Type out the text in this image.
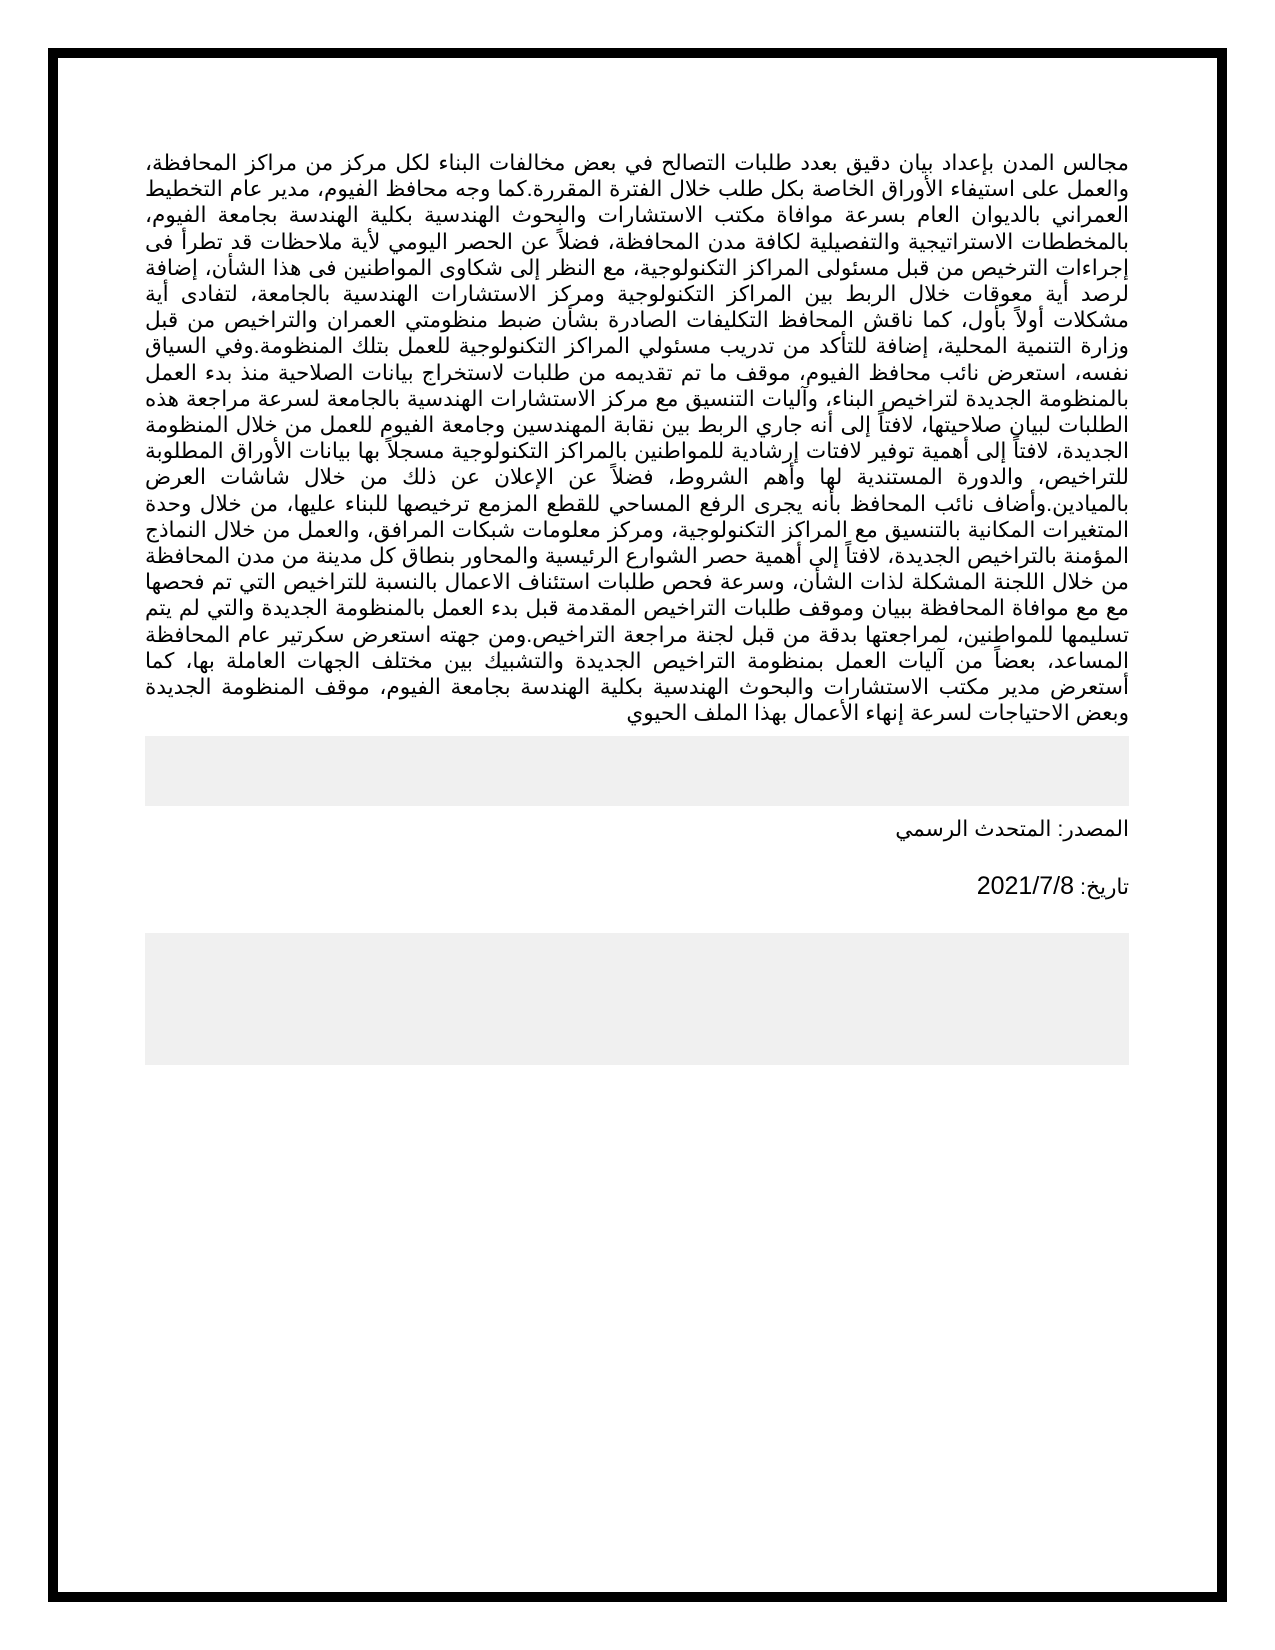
مجالس المدن بإعداد بيان دقيق بعدد طلبات التصالح في بعض مخالفات البناء لكل مركز من مراكز المحافظة، والعمل على استيفاء الأوراق الخاصة بكل طلب خلال الفترة المقررة.كما وجه محافظ الفيوم، مدير عام التخطيط العمراني بالديوان العام بسرعة موافاة مكتب الاستشارات والبحوث الهندسية بكلية الهندسة بجامعة الفيوم، بالمخططات الاستراتيجية والتفصيلية لكافة مدن المحافظة، فضلاً عن الحصر اليومي لأية ملاحظات قد تطرأ فى إجراءات الترخيص من قبل مسئولى المراكز التكنولوجية، مع النظر إلى شكاوى المواطنين فى هذا الشأن، إضافة لرصد أية معوقات خلال الربط بين المراكز التكنولوجية ومركز الاستشارات الهندسية بالجامعة، لتفادى أية مشكلات أولاً بأول، كما ناقش المحافظ التكليفات الصادرة بشأن ضبط منظومتي العمران والتراخيص من قبل وزارة التنمية المحلية، إضافة للتأكد من تدريب مسئولي المراكز التكنولوجية للعمل بتلك المنظومة.وفي السياق نفسه، استعرض نائب محافظ الفيوم، موقف ما تم تقديمه من طلبات لاستخراج بيانات الصلاحية منذ بدء العمل بالمنظومة الجديدة لتراخيص البناء، وآليات التنسيق مع مركز الاستشارات الهندسية بالجامعة لسرعة مراجعة هذه الطلبات لبيان صلاحيتها، لافتاً إلى أنه جاري الربط بين نقابة المهندسين وجامعة الفيوم للعمل من خلال المنظومة الجديدة، لافتاً إلى أهمية توفير لافتات إرشادية للمواطنين بالمراكز التكنولوجية مسجلاً بها بيانات الأوراق المطلوبة للتراخيص، والدورة المستندية لها وأهم الشروط، فضلاً عن الإعلان عن ذلك من خلال شاشات العرض بالميادين.وأضاف نائب المحافظ بأنه يجرى الرفع المساحي للقطع المزمع ترخيصها للبناء عليها، من خلال وحدة المتغيرات المكانية بالتنسيق مع المراكز التكنولوجية، ومركز معلومات شبكات المرافق، والعمل من خلال النماذج المؤمنة بالتراخيص الجديدة، لافتاً إلى أهمية حصر الشوارع الرئيسية والمحاور بنطاق كل مدينة من مدن المحافظة من خلال اللجنة المشكلة لذات الشأن، وسرعة فحص طلبات استئناف الاعمال بالنسبة للتراخيص التي تم فحصها مع مع موافاة المحافظة ببيان وموقف طلبات التراخيص المقدمة قبل بدء العمل بالمنظومة الجديدة والتي لم يتم تسليمها للمواطنين، لمراجعتها بدقة من قبل لجنة مراجعة التراخيص.ومن جهته استعرض سكرتير عام المحافظة المساعد، بعضاً من آليات العمل بمنظومة التراخيص الجديدة والتشبيك بين مختلف الجهات العاملة بها، كما أستعرض مدير مكتب الاستشارات والبحوث الهندسية بكلية الهندسة بجامعة الفيوم، موقف المنظومة الجديدة وبعض الاحتياجات لسرعة إنهاء الأعمال بهذا الملف الحيوي

المصدر: المتحدث الرسمي
تاريخ: 2021/7/8
